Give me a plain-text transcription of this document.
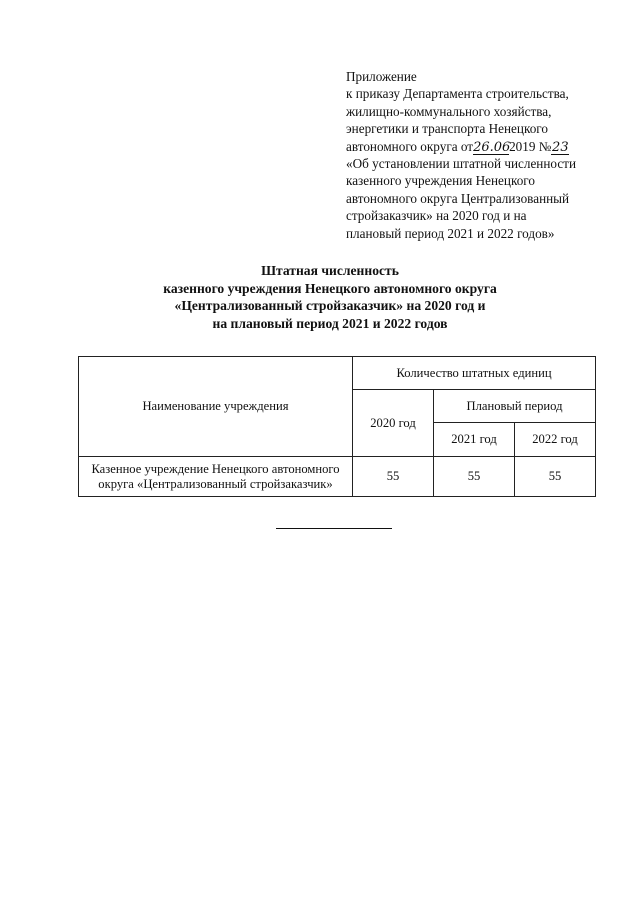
Приложение
к приказу Департамента строительства,
жилищно-коммунального хозяйства,
энергетики и транспорта Ненецкого
автономного округа от26.062019 №23
«Об установлении штатной численности
казенного учреждения Ненецкого
автономного округа Централизованный
стройзаказчик» на 2020 год и на
плановый период 2021 и 2022 годов»
Штатная численность
казенного учреждения Ненецкого автономного округа
«Централизованный стройзаказчик» на 2020 год и
на плановый период 2021 и 2022 годов
Наименование учреждения	Количество штатных единиц		
	2020 год	Плановый период	
		2021 год	2022 год
Казенное учреждение Ненецкого автономного
округа «Централизованный стройзаказчик»	55	55	55
